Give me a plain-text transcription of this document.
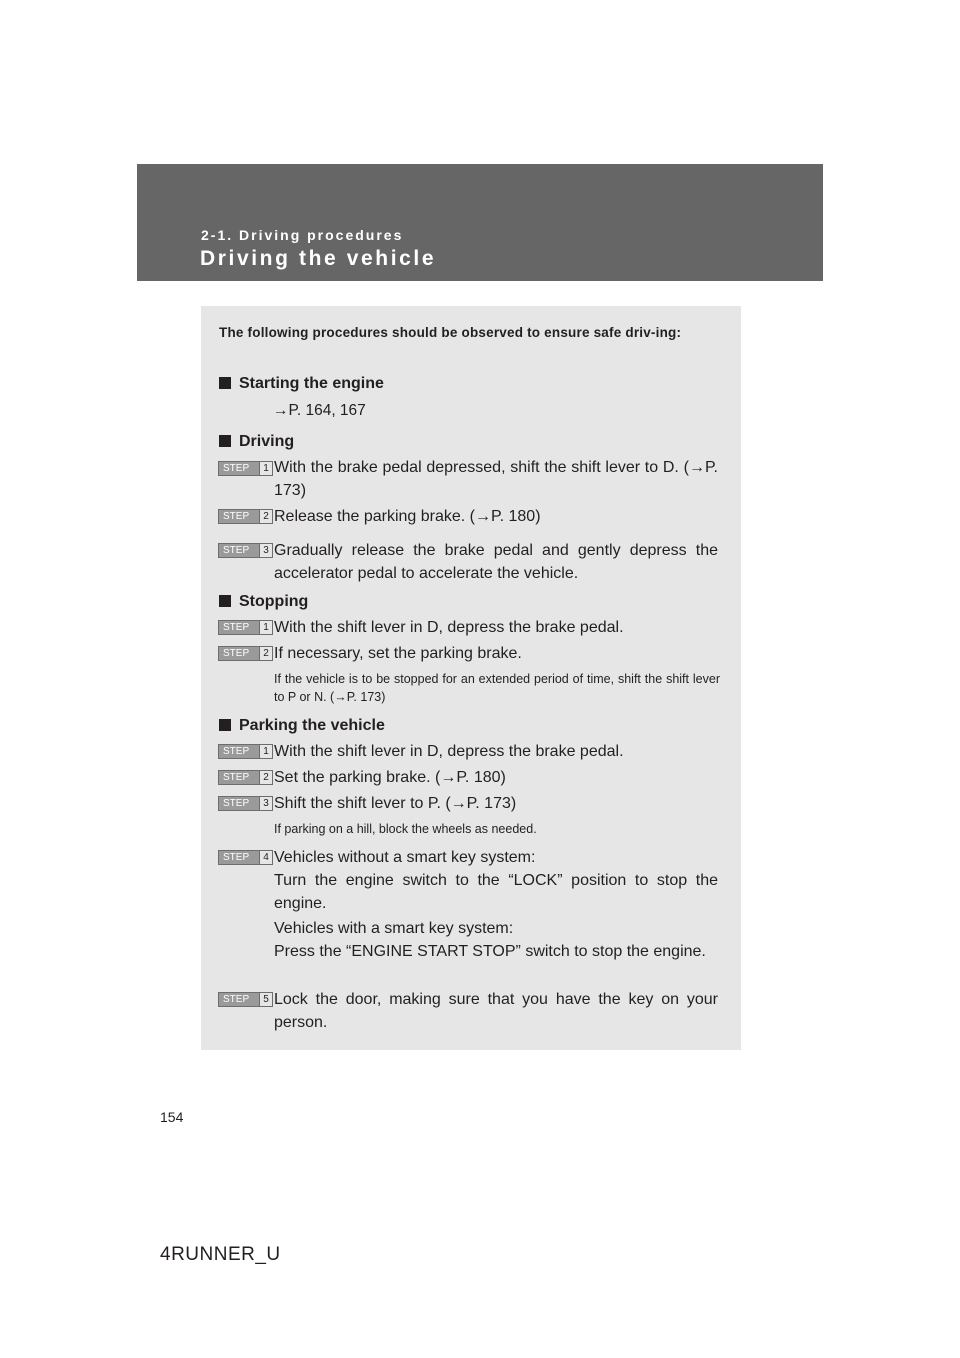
2-1. Driving procedures
Driving the vehicle
The following procedures should be observed to ensure safe driv-ing:
Starting the engine
→P. 164, 167
Driving
STEP	1 With the brake pedal depressed, shift the shift lever to D. (→P. 173)
STEP	2 Release the parking brake. (→P. 180)
STEP	3 Gradually release the brake pedal and gently depress the accelerator pedal to accelerate the vehicle.
Stopping
STEP	1 With the shift lever in D, depress the brake pedal.
STEP	2 If necessary, set the parking brake.
If the vehicle is to be stopped for an extended period of time, shift the shift lever to P or N. (→P. 173)
Parking the vehicle
STEP	1 With the shift lever in D, depress the brake pedal.
STEP	2 Set the parking brake. (→P. 180)
STEP	3 Shift the shift lever to P. (→P. 173)
If parking on a hill, block the wheels as needed.
STEP	4 Vehicles without a smart key system:
Turn the engine switch to the “LOCK” position to stop the engine.
Vehicles with a smart key system:
Press the “ENGINE START STOP” switch to stop the engine.
STEP	5 Lock the door, making sure that you have the key on your person.
154
4RUNNER_U
